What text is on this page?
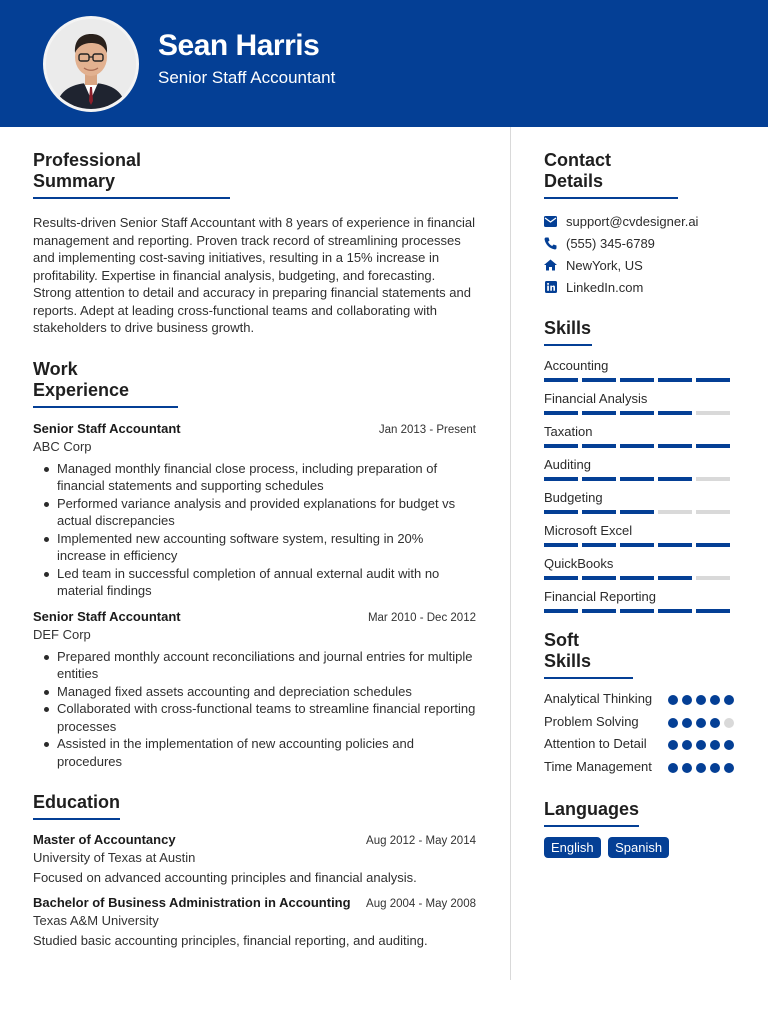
Sean Harris
Senior Staff Accountant
Professional Summary

Results-driven Senior Staff Accountant with 8 years of experience in financial management and reporting. Proven track record of streamlining processes and implementing cost-saving initiatives, resulting in a 15% increase in profitability. Expertise in financial analysis, budgeting, and forecasting. Strong attention to detail and accuracy in preparing financial statements and reports. Adept at leading cross-functional teams and collaborating with stakeholders to drive business growth.

Work Experience
Senior Staff Accountant	Jan 2013 - Present
ABC Corp
Managed monthly financial close process, including preparation of financial statements and supporting schedules
Performed variance analysis and provided explanations for budget vs actual discrepancies
Implemented new accounting software system, resulting in 20% increase in efficiency
Led team in successful completion of annual external audit with no material findings
Senior Staff Accountant	Mar 2010 - Dec 2012
DEF Corp
Prepared monthly account reconciliations and journal entries for multiple entities
Managed fixed assets accounting and depreciation schedules
Collaborated with cross-functional teams to streamline financial reporting processes
Assisted in the implementation of new accounting policies and procedures
Education
Master of Accountancy	Aug 2012 - May 2014
University of Texas at Austin

Focused on advanced accounting principles and financial analysis.

Bachelor of Business Administration in Accounting Aug 2004 - May 2008
Texas A&M University

Studied basic accounting principles, financial reporting, and auditing.

Contact Details
support@cvdesigner.ai
(555) 345-6789
NewYork, US
LinkedIn.com
Skills
Accounting
Financial Analysis
Taxation
Auditing
Budgeting
Microsoft Excel
QuickBooks
Financial Reporting
Soft Skills
Analytical Thinking
Problem Solving
Attention to Detail
Time Management
Languages
English Spanish
